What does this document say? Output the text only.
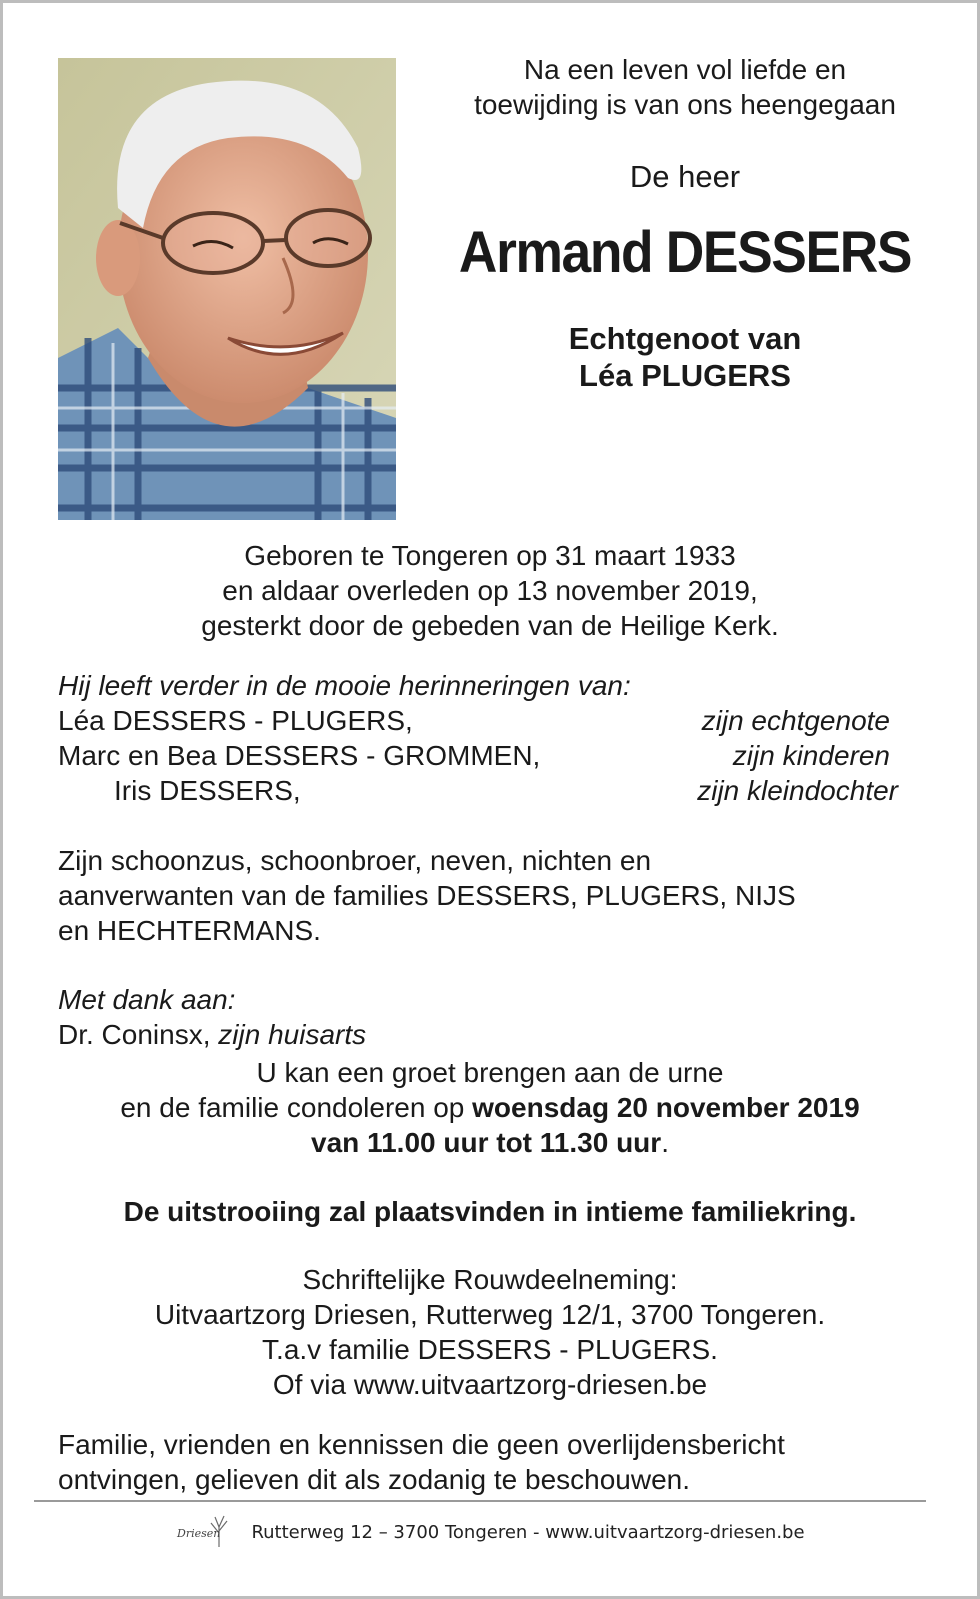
Na een leven vol liefde en
toewijding is van ons heengegaan
De heer
Armand DESSERS
Echtgenoot van
Léa PLUGERS
Geboren te Tongeren op 31 maart 1933
en aldaar overleden op 13 november 2019,
gesterkt door de gebeden van de Heilige Kerk.
Hij leeft verder in de mooie herinneringen van:
Léa DESSERS - PLUGERS,	zijn echtgenote
Marc en Bea DESSERS - GROMMEN,	zijn kinderen
Iris DESSERS,	zijn kleindochter
Zijn schoonzus, schoonbroer, neven, nichten en
aanverwanten van de families DESSERS, PLUGERS, NIJS
en HECHTERMANS.
Met dank aan:
Dr. Coninsx, zijn huisarts
U kan een groet brengen aan de urne
en de familie condoleren op woensdag 20 november 2019
van 11.00 uur tot 11.30 uur.
De uitstrooiing zal plaatsvinden in intieme familiekring.
Schriftelijke Rouwdeelneming:
Uitvaartzorg Driesen, Rutterweg 12/1, 3700 Tongeren.
T.a.v familie DESSERS - PLUGERS.
Of via www.uitvaartzorg-driesen.be
Familie, vrienden en kennissen die geen overlijdensbericht
ontvingen, gelieven dit als zodanig te beschouwen.
Driesen Rutterweg 12 – 3700 Tongeren - www.uitvaartzorg-driesen.be
